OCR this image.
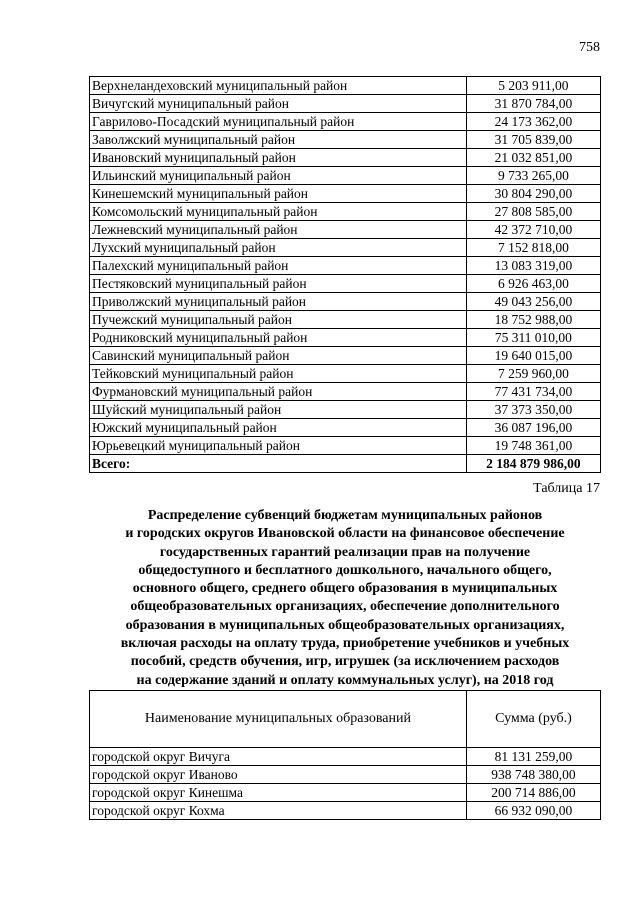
758
Верхнеландеховский муниципальный район	5 203 911,00
Вичугский муниципальный район	31 870 784,00
Гаврилово-Посадский муниципальный район	24 173 362,00
Заволжский муниципальный район	31 705 839,00
Ивановский муниципальный район	21 032 851,00
Ильинский муниципальный район	9 733 265,00
Кинешемский муниципальный район	30 804 290,00
Комсомольский муниципальный район	27 808 585,00
Лежневский муниципальный район	42 372 710,00
Лухский муниципальный район	7 152 818,00
Палехский муниципальный район	13 083 319,00
Пестяковский муниципальный район	6 926 463,00
Приволжский муниципальный район	49 043 256,00
Пучежский муниципальный район	18 752 988,00
Родниковский муниципальный район	75 311 010,00
Савинский муниципальный район	19 640 015,00
Тейковский муниципальный район	7 259 960,00
Фурмановский муниципальный район	77 431 734,00
Шуйский муниципальный район	37 373 350,00
Южский муниципальный район	36 087 196,00
Юрьевецкий муниципальный район	19 748 361,00
Всего:	2 184 879 986,00
Таблица 17
Распределение субвенций бюджетам муниципальных районов
и городских округов Ивановской области на финансовое обеспечение
государственных гарантий реализации прав на получение
общедоступного и бесплатного дошкольного, начального общего,
основного общего, среднего общего образования в муниципальных
общеобразовательных организациях, обеспечение дополнительного
образования в муниципальных общеобразовательных организациях,
включая расходы на оплату труда, приобретение учебников и учебных
пособий, средств обучения, игр, игрушек (за исключением расходов
на содержание зданий и оплату коммунальных услуг), на 2018 год
Наименование муниципальных образований	Сумма (руб.)
городской округ Вичуга	81 131 259,00
городской округ Иваново	938 748 380,00
городской округ Кинешма	200 714 886,00
городской округ Кохма	66 932 090,00
